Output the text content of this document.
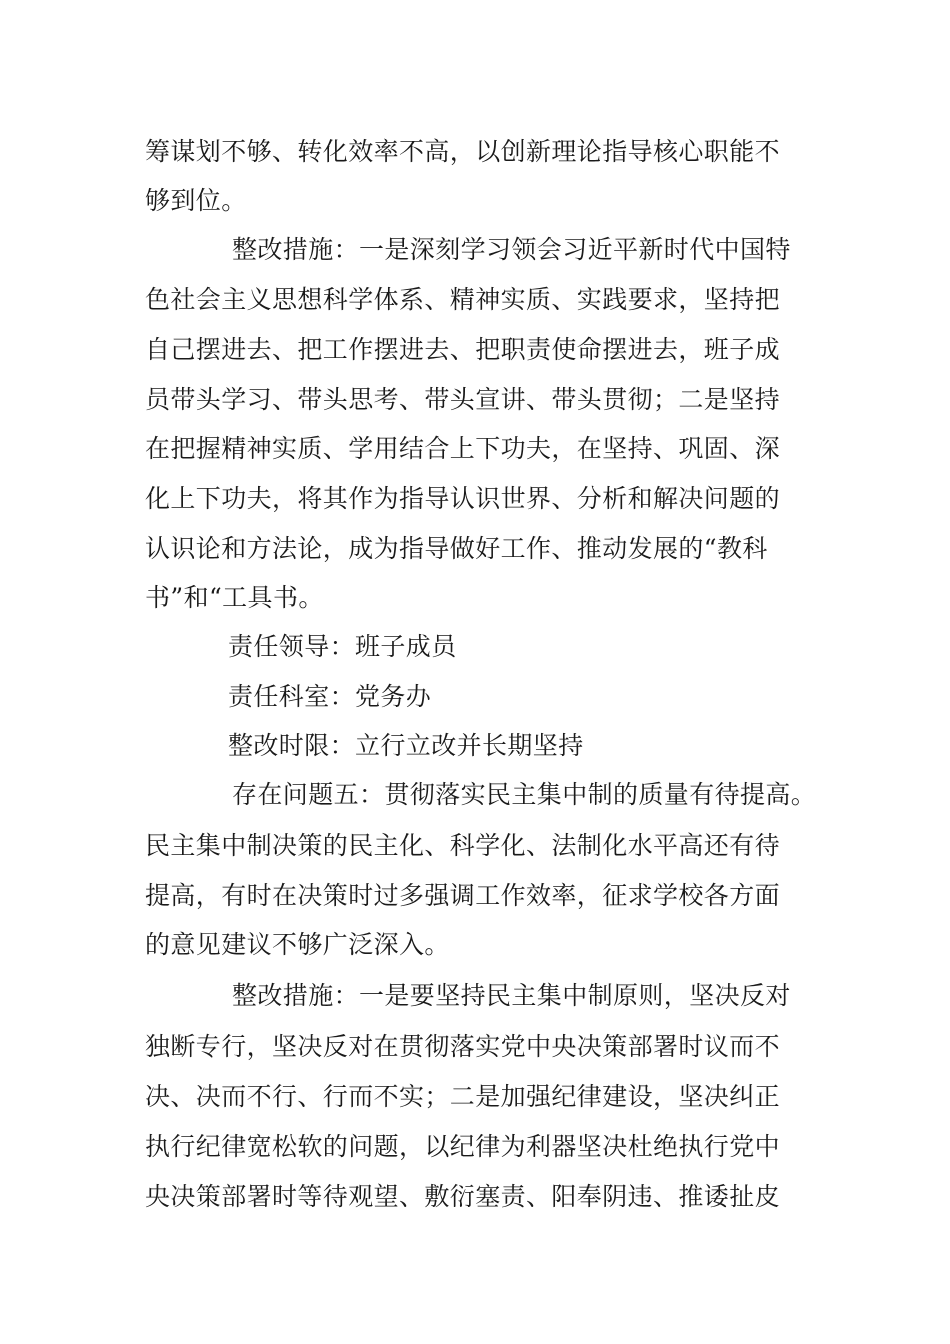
筹谋划不够、转化效率不高，以创新理论指导核心职能不
够到位。
整改措施：一是深刻学习领会习近平新时代中国特
色社会主义思想科学体系、精神实质、实践要求，坚持把
自己摆进去、把工作摆进去、把职责使命摆进去，班子成
员带头学习、带头思考、带头宣讲、带头贯彻；二是坚持
在把握精神实质、学用结合上下功夫，在坚持、巩固、深
化上下功夫，将其作为指导认识世界、分析和解决问题的
认识论和方法论，成为指导做好工作、推动发展的“教科
书”和“工具书。
责任领导：班子成员
责任科室：党务办
整改时限：立行立改并长期坚持
存在问题五：贯彻落实民主集中制的质量有待提高。
民主集中制决策的民主化、科学化、法制化水平高还有待
提高，有时在决策时过多强调工作效率，征求学校各方面
的意见建议不够广泛深入。
整改措施：一是要坚持民主集中制原则，坚决反对
独断专行，坚决反对在贯彻落实党中央决策部署时议而不
决、决而不行、行而不实；二是加强纪律建设，坚决纠正
执行纪律宽松软的问题，以纪律为利器坚决杜绝执行党中
央决策部署时等待观望、敷衍塞责、阳奉阴违、推诿扯皮
